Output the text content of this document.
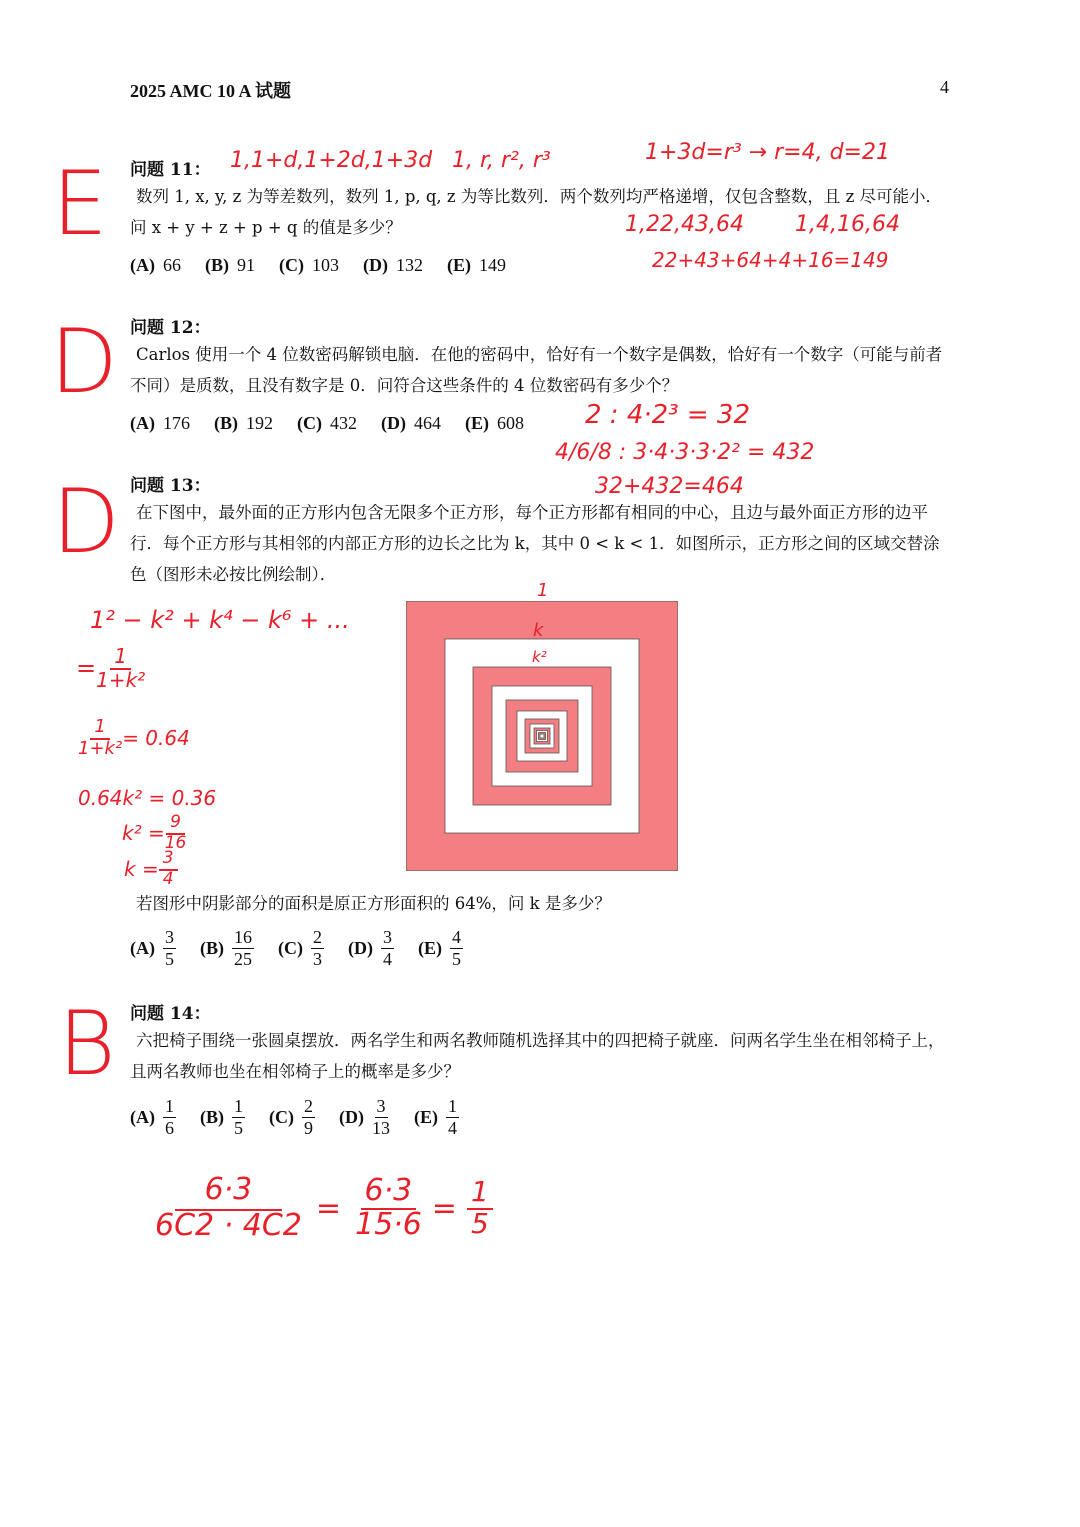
2025 AMC 10 A 试题	4
E
D
D
B
问题 11：
数列 1, x, y, z 为等差数列，数列 1, p, q, z 为等比数列．两个数列均严格递增，仅包含整数，且 z 尽可能小．问 x + y + z + p + q 的值是多少？
(A) 66 (B) 91 (C) 103 (D) 132 (E) 149
1,1+d,1+2d,1+3d 1, r, r², r³	1+3d=r³ → r=4, d=21
1,22,43,64 1,4,16,64
22+43+64+4+16=149
问题 12：
Carlos 使用一个 4 位数密码解锁电脑．在他的密码中，恰好有一个数字是偶数，恰好有一个数字（可能与前者不同）是质数，且没有数字是 0．问符合这些条件的 4 位数密码有多少个？
(A) 176 (B) 192 (C) 432 (D) 464 (E) 608 2 : 4·2³ = 32
4/6/8 : 3·4·3·3·2² = 432
32+432=464
问题 13：
在下图中，最外面的正方形内包含无限多个正方形，每个正方形都有相同的中心，且边与最外面正方形的边平行．每个正方形与其相邻的内部正方形的边长之比为 k，其中 0 < k < 1．如图所示，正方形之间的区域交替涂色（图形未必按比例绘制）．
1
k
k²
1² − k² + k⁴ − k⁶ + ...
= $\frac{1}{\text{1+k²}}$
$\frac{1}{\text{1+k²}} = 0.64$
0.64k² = 0.36
$k^2 = \frac{9}{16}$
$k = \frac{3}{4}$
若图形中阴影部分的面积是原正方形面积的 64%，问 k 是多少？
$(A) \frac{3}{5} (B) \frac{16}{25} (C) \frac{2}{3} (D) \frac{3}{4} (E) \frac{4}{5}$
问题 14：
六把椅子围绕一张圆桌摆放．两名学生和两名教师随机选择其中的四把椅子就座．问两名学生坐在相邻椅子上，且两名教师也坐在相邻椅子上的概率是多少？
$(A) \frac{1}{6} (B) \frac{1}{5} (C) \frac{2}{9} (D) \frac{3}{13} (E) \frac{1}{4}$
$\frac{6\cdot 3}{6C2 \cdot 4C2} = \frac{6\cdot 3}{15\cdot 6} = \frac{1}{5}$
